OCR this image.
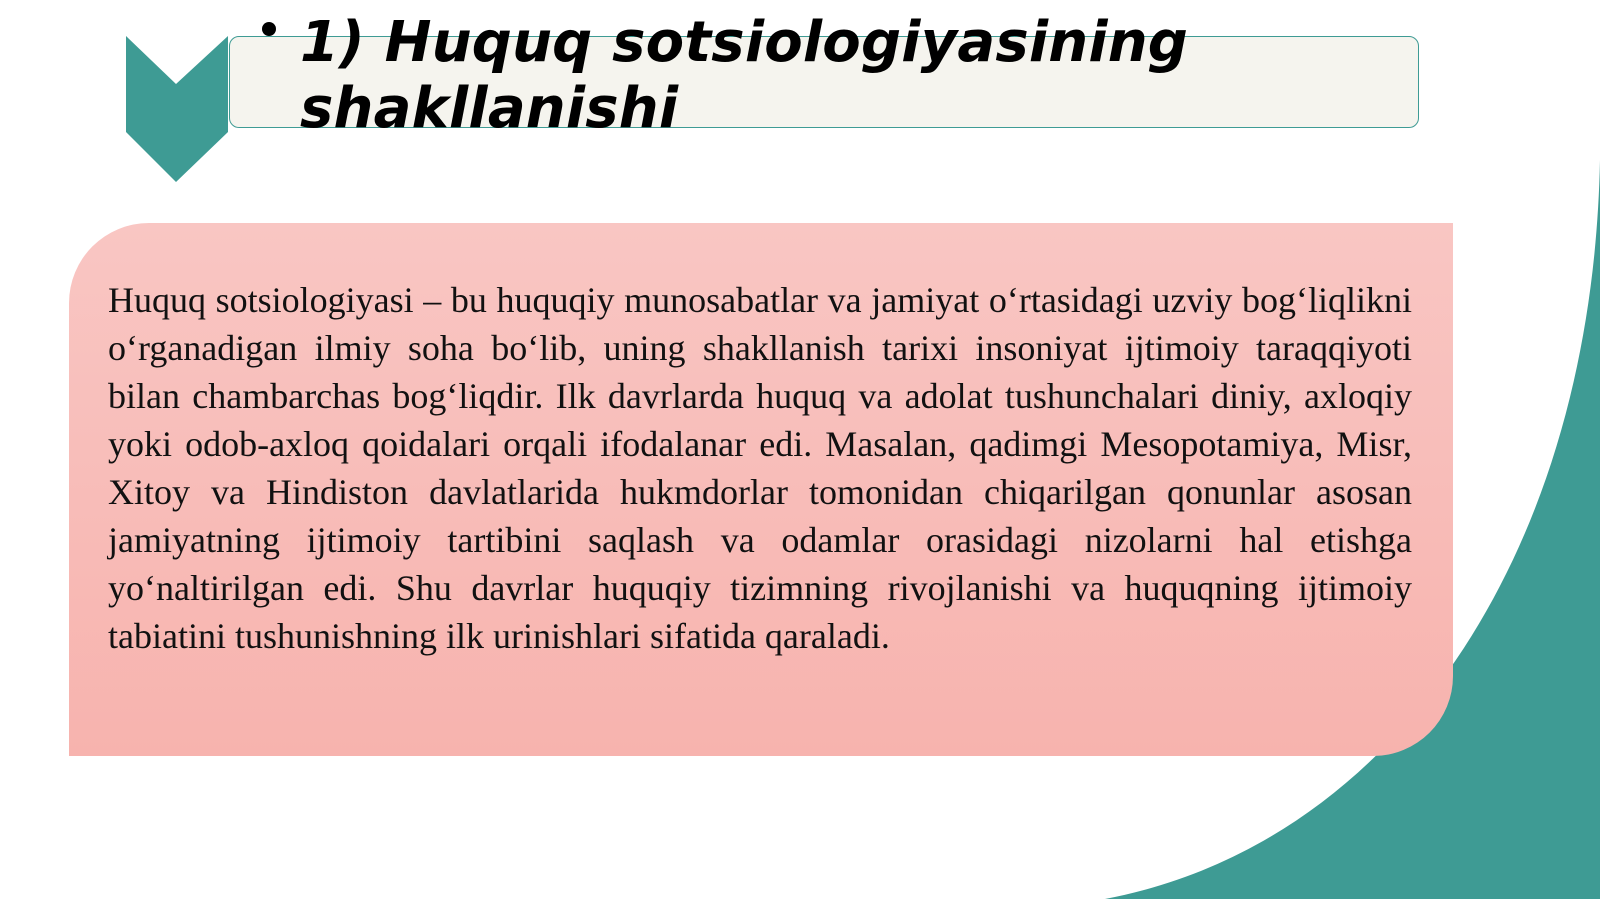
1) Huquq sotsiologiyasining shakllanishi

Huquq sotsiologiyasi – bu huquqiy munosabatlar va jamiyat o‘rtasidagi uzviy bog‘liqlikni o‘rganadigan ilmiy soha bo‘lib, uning shakllanish tarixi insoniyat ijtimoiy taraqqiyoti bilan chambarchas bog‘liqdir. Ilk davrlarda huquq va adolat tushunchalari diniy, axloqiy yoki odob-axloq qoidalari orqali ifodalanar edi. Masalan, qadimgi Mesopotamiya, Misr, Xitoy va Hindiston davlatlarida hukmdorlar tomonidan chiqarilgan qonunlar asosan jamiyatning ijtimoiy tartibini saqlash va odamlar orasidagi nizolarni hal etishga yo‘naltirilgan edi. Shu davrlar huquqiy tizimning rivojlanishi va huquqning ijtimoiy tabiatini tushunishning ilk urinishlari sifatida qaraladi.
